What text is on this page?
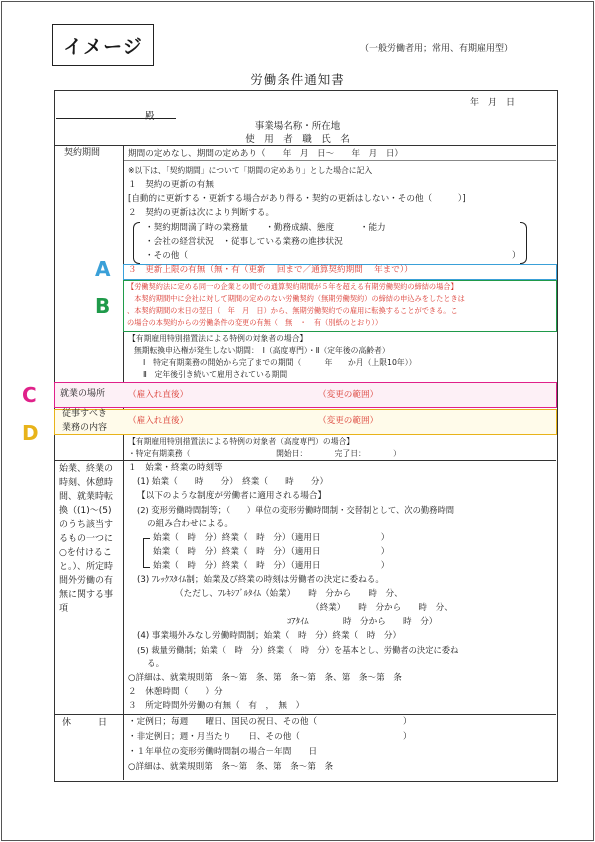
イメージ	（一般労働者用；常用、有期雇用型）
労働条件通知書
年　月　日
殿
事業場名称・所在地
使　用　者　職　氏　名
契約期間	期間の定めなし、期間の定めあり（　　年　月　日～　　年　月　日）
※以下は、「契約期間」について「期間の定めあり」とした場合に記入
１　契約の更新の有無
[自動的に更新する・更新する場合があり得る・契約の更新はしない・その他（　　　）]
２　契約の更新は次により判断する。
・契約期間満了時の業務量　　・勤務成績、態度　　　・能力
・会社の経営状況　・従事している業務の進捗状況
・その他（	）
３　更新上限の有無（無・有（更新　 回まで／通算契約期間　 年まで））
A
【労働契約法に定める同一の企業との間での通算契約期間が５年を超える有期労働契約の締結の場合】
　本契約期間中に会社に対して期間の定めのない労働契約（無期労働契約）の締結の申込みをしたときは
、本契約期間の末日の翌日（　年　月　日）から、無期労働契約での雇用に転換することができる。こ
の場合の本契約からの労働条件の変更の有無（　無　・　有（別紙のとおり））
B
【有期雇用特別措置法による特例の対象者の場合】
無期転換申込権が発生しない期間：　Ⅰ（高度専門）・Ⅱ（定年後の高齢者）
Ⅰ　特定有期業務の開始から完了までの期間（　　　年　　か月（上限10年））
Ⅱ　定年後引き続いて雇用されている期間
就業の場所	（雇入れ直後）	（変更の範囲）
C
従事すべき
業務の内容
（雇入れ直後）	（変更の範囲）
D	【有期雇用特別措置法による特例の対象者（高度専門）の場合】
・特定有期業務（　　　　　　　　　　　開始日：　　　　完了日：　　　　）
始業、終業の
時刻、休憩時
間、就業時転
換（(1)～(5)
のうち該当す
るもの一つに
○を付けるこ
と。）、所定時
間外労働の有
無に関する事
項
１　始業・終業の時刻等
(1) 始業（　　時　　分）　終業（　　時　　分）
【以下のような制度が労働者に適用される場合】
(2) 変形労働時間制等；（　　）単位の変形労働時間制・交替制として、次の勤務時間
の組み合わせによる。
始業（　時　分）終業（　時　分）（適用日　　　　　　　）
始業（　時　分）終業（　時　分）（適用日　　　　　　　）
始業（　時　分）終業（　時　分）（適用日　　　　　　　）
(3) ﾌﾚｯｸｽﾀｲﾑ制；始業及び終業の時刻は労働者の決定に委ねる。
（ただし、ﾌﾚｷｼﾌﾞﾙﾀｲﾑ（始業）　　時　分から　　時　分、
（終業）　　時　分から　　時　分、
ｺｱﾀｲﾑ　　　　時　分から　　時　分）
(4) 事業場外みなし労働時間制；始業（　時　分）終業（　時　分）
(5) 裁量労働制；始業（　時　分）終業（　時　分）を基本とし、労働者の決定に委ね
る。
○詳細は、就業規則第　条～第　条、第　条～第　条、第　条～第　条
２　休憩時間（　　）分
３　所定時間外労働の有無（　有　，　無　）
休　　　日 ・定例日；毎週　　曜日、国民の祝日、その他（　　　　　　　　　　）
・非定例日；週・月当たり　　日、その他（　　　　　　　　　　　　）
・１年単位の変形労働時間制の場合－年間　　日
○詳細は、就業規則第　条～第　条、第　条～第　条
